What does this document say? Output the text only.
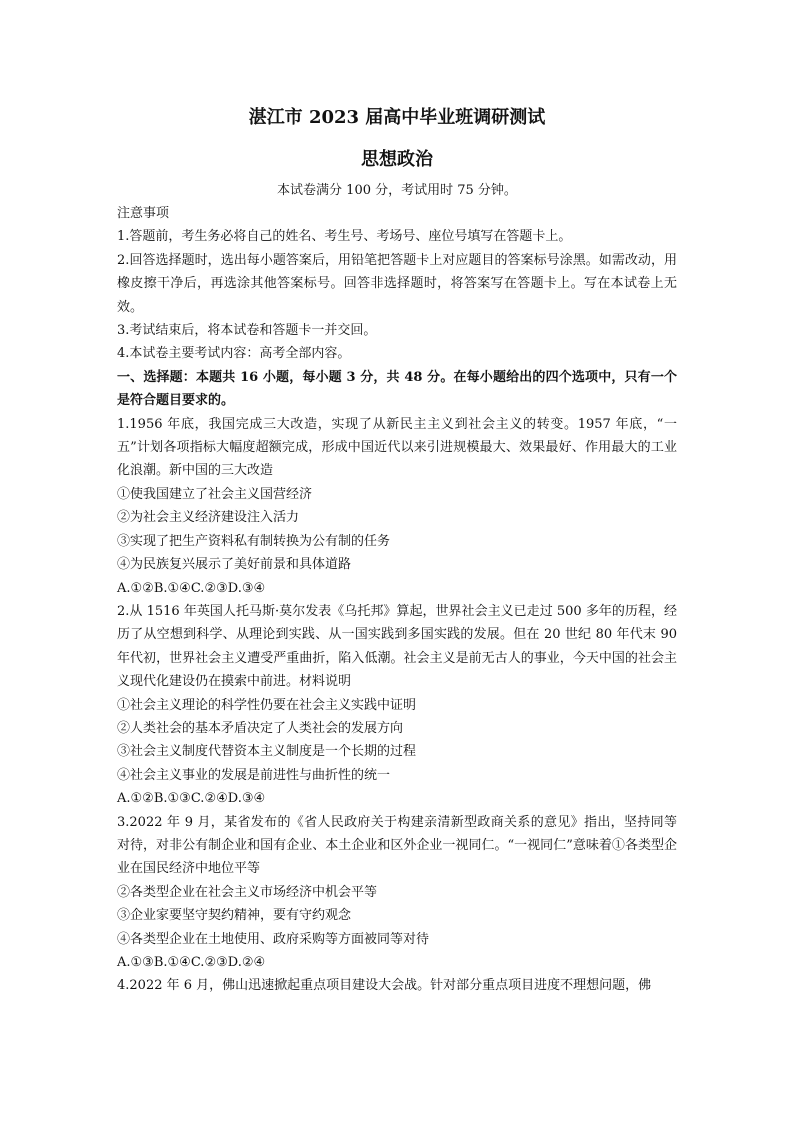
湛江市 2023 届高中毕业班调研测试

思想政治

本试卷满分 100 分，考试用时 75 分钟。

注意事项

1.答题前，考生务必将自己的姓名、考生号、考场号、座位号填写在答题卡上。

2.回答选择题时，选出每小题答案后，用铅笔把答题卡上对应题目的答案标号涂黑。如需改动，用橡皮擦干净后，再选涂其他答案标号。回答非选择题时，将答案写在答题卡上。写在本试卷上无效。

3.考试结束后，将本试卷和答题卡一并交回。

4.本试卷主要考试内容：高考全部内容。

一、选择题：本题共 16 小题，每小题 3 分，共 48 分。在每小题给出的四个选项中，只有一个是符合题目要求的。

1.1956 年底，我国完成三大改造，实现了从新民主主义到社会主义的转变。1957 年底，“一五”计划各项指标大幅度超额完成，形成中国近代以来引进规模最大、效果最好、作用最大的工业化浪潮。新中国的三大改造

①使我国建立了社会主义国营经济

②为社会主义经济建设注入活力

③实现了把生产资料私有制转换为公有制的任务

④为民族复兴展示了美好前景和具体道路

A.①②B.①④C.②③D.③④

2.从 1516 年英国人托马斯·莫尔发表《乌托邦》算起，世界社会主义已走过 500 多年的历程，经历了从空想到科学、从理论到实践、从一国实践到多国实践的发展。但在 20 世纪 80 年代末 90 年代初，世界社会主义遭受严重曲折，陷入低潮。社会主义是前无古人的事业，今天中国的社会主义现代化建设仍在摸索中前进。材料说明

①社会主义理论的科学性仍要在社会主义实践中证明

②人类社会的基本矛盾决定了人类社会的发展方向

③社会主义制度代替资本主义制度是一个长期的过程

④社会主义事业的发展是前进性与曲折性的统一

A.①②B.①③C.②④D.③④

3.2022 年 9 月，某省发布的《省人民政府关于构建亲清新型政商关系的意见》指出，坚持同等对待，对非公有制企业和国有企业、本土企业和区外企业一视同仁。“一视同仁”意味着①各类型企业在国民经济中地位平等

②各类型企业在社会主义市场经济中机会平等

③企业家要坚守契约精神，要有守约观念

④各类型企业在土地使用、政府采购等方面被同等对待

A.①③B.①④C.②③D.②④

4.2022 年 6 月，佛山迅速掀起重点项目建设大会战。针对部分重点项目进度不理想问题，佛
